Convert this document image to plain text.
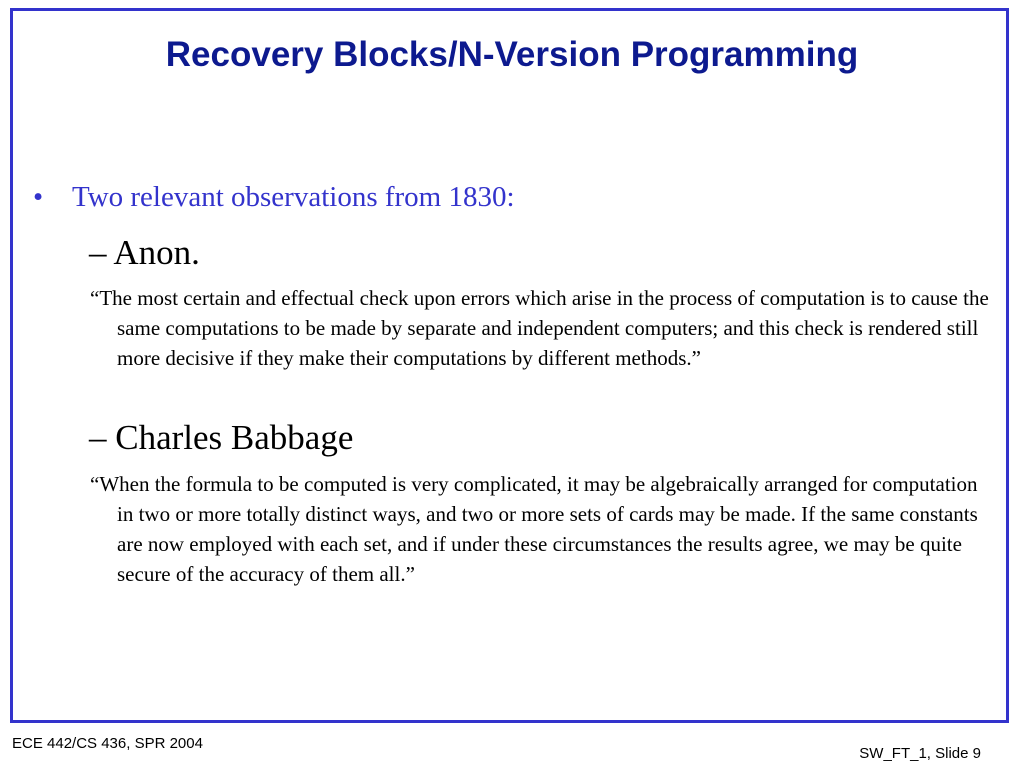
Recovery Blocks/N-Version Programming
• Two relevant observations from 1830:
– Anon.
“The most certain and effectual check upon errors which arise in the process of computation is to cause the same computations to be made by separate and independent computers; and this check is rendered still more decisive if they make their computations by different methods.”
– Charles Babbage
“When the formula to be computed is very complicated, it may be algebraically arranged for computation in two or more totally distinct ways, and two or more sets of cards may be made. If the same constants are now employed with each set, and if under these circumstances the results agree, we may be quite secure of the accuracy of them all.”
ECE 442/CS 436, SPR 2004
SW_FT_1, Slide 9
